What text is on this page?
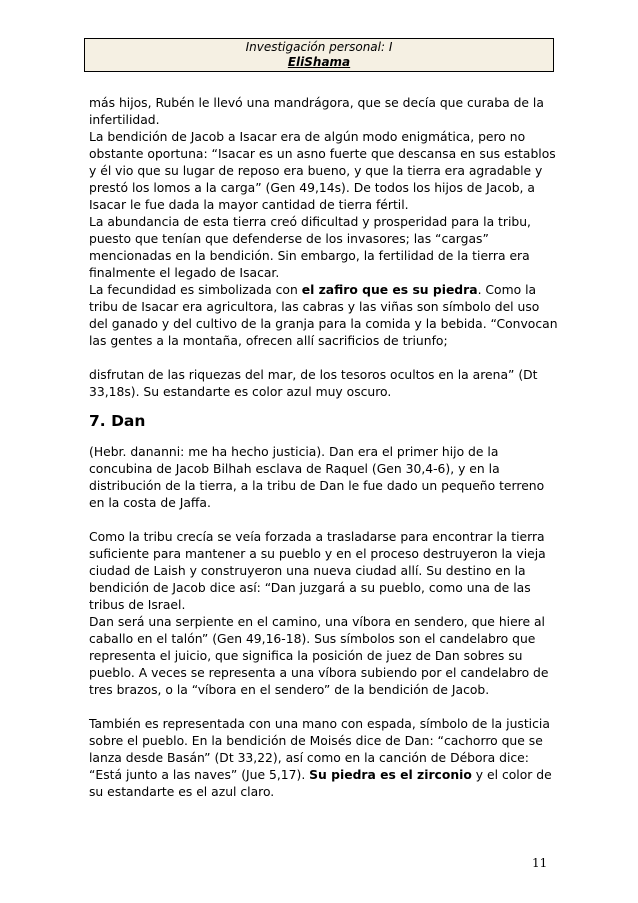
Investigación personal: I
EliShama

más hijos, Rubén le llevó una mandrágora, que se decía que curaba de la infertilidad.

La bendición de Jacob a Isacar era de algún modo enigmática, pero no obstante oportuna: “Isacar es un asno fuerte que descansa en sus establos y él vio que su lugar de reposo era bueno, y que la tierra era agradable y prestó los lomos a la carga” (Gen 49,14s). De todos los hijos de Jacob, a Isacar le fue dada la mayor cantidad de tierra fértil.

La abundancia de esta tierra creó dificultad y prosperidad para la tribu, puesto que tenían que defenderse de los invasores; las “cargas” mencionadas en la bendición. Sin embargo, la fertilidad de la tierra era finalmente el legado de Isacar.

La fecundidad es simbolizada con el zafiro que es su piedra. Como la tribu de Isacar era agricultora, las cabras y las viñas son símbolo del uso del ganado y del cultivo de la granja para la comida y la bebida. “Convocan las gentes a la montaña, ofrecen allí sacrificios de triunfo;

disfrutan de las riquezas del mar, de los tesoros ocultos en la arena” (Dt 33,18s). Su estandarte es color azul muy oscuro.

7. Dan

(Hebr. dananni: me ha hecho justicia). Dan era el primer hijo de la concubina de Jacob Bilhah esclava de Raquel (Gen 30,4-6), y en la distribución de la tierra, a la tribu de Dan le fue dado un pequeño terreno en la costa de Jaffa.

Como la tribu crecía se veía forzada a trasladarse para encontrar la tierra suficiente para mantener a su pueblo y en el proceso destruyeron la vieja ciudad de Laish y construyeron una nueva ciudad allí. Su destino en la bendición de Jacob dice así: “Dan juzgará a su pueblo, como una de las tribus de Israel.

Dan será una serpiente en el camino, una víbora en sendero, que hiere al caballo en el talón” (Gen 49,16-18). Sus símbolos son el candelabro que representa el juicio, que significa la posición de juez de Dan sobres su pueblo. A veces se representa a una víbora subiendo por el candelabro de tres brazos, o la “víbora en el sendero” de la bendición de Jacob.

También es representada con una mano con espada, símbolo de la justicia sobre el pueblo. En la bendición de Moisés dice de Dan: “cachorro que se lanza desde Basán” (Dt 33,22), así como en la canción de Débora dice: “Está junto a las naves” (Jue 5,17). Su piedra es el zirconio y el color de su estandarte es el azul claro.

11
